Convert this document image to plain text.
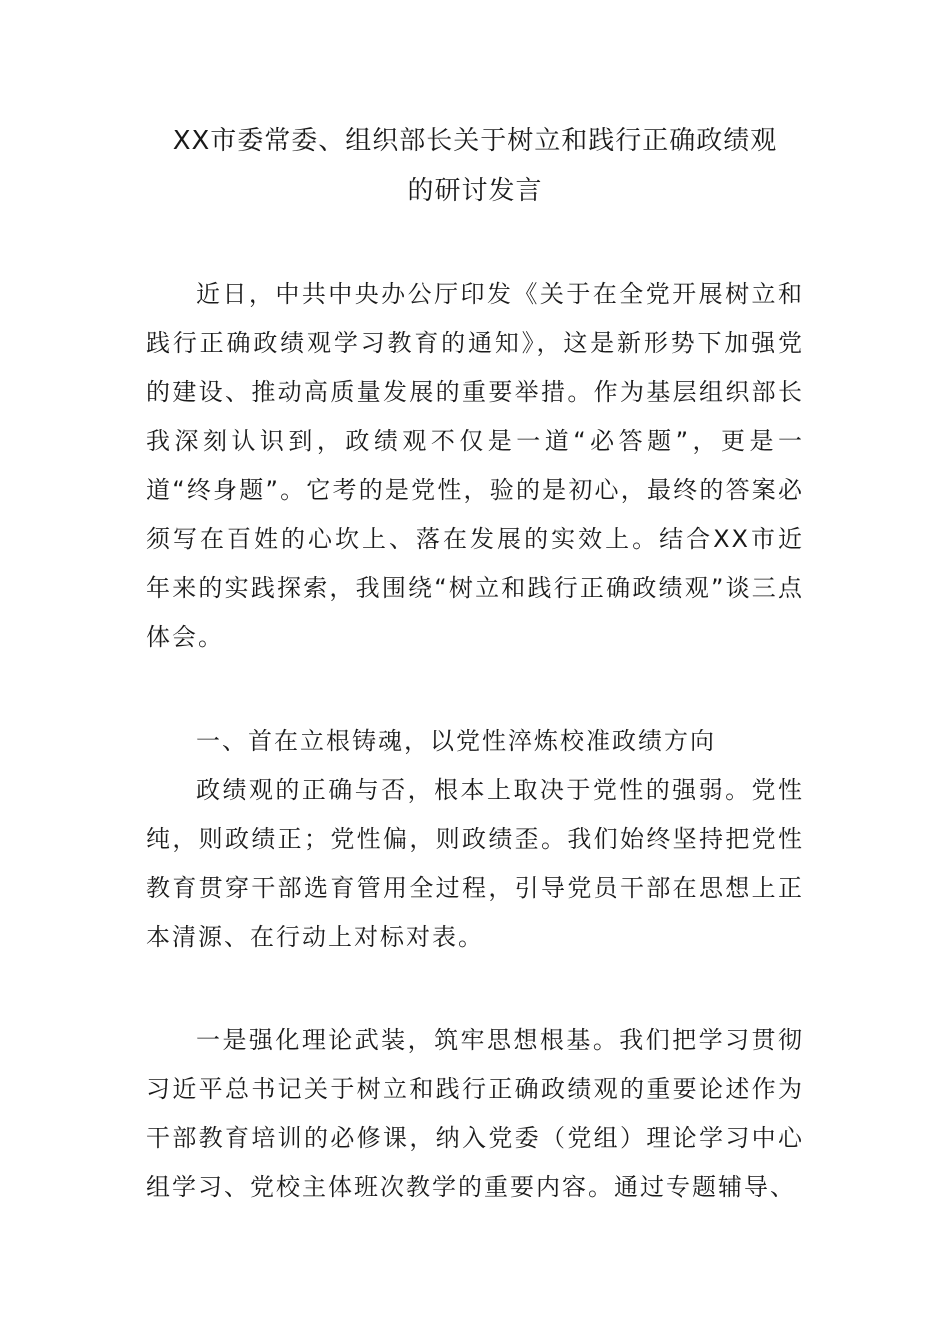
XX市委常委、组织部长关于树立和践行正确政绩观
的研讨发言

近日，中共中央办公厅印发《关于在全党开展树立和践行正确政绩观学习教育的通知》，这是新形势下加强党的建设、推动高质量发展的重要举措。作为基层组织部长我深刻认识到，政绩观不仅是一道“必答题”，更是一道“终身题”。它考的是党性，验的是初心，最终的答案必须写在百姓的心坎上、落在发展的实效上。结合XX市近年来的实践探索，我围绕“树立和践行正确政绩观”谈三点体会。

一、首在立根铸魂，以党性淬炼校准政绩方向

政绩观的正确与否，根本上取决于党性的强弱。党性纯，则政绩正；党性偏，则政绩歪。我们始终坚持把党性教育贯穿干部选育管用全过程，引导党员干部在思想上正本清源、在行动上对标对表。

一是强化理论武装，筑牢思想根基。我们把学习贯彻习近平总书记关于树立和践行正确政绩观的重要论述作为干部教育培训的必修课，纳入党委（党组）理论学习中心组学习、党校主体班次教学的重要内容。通过专题辅导、
